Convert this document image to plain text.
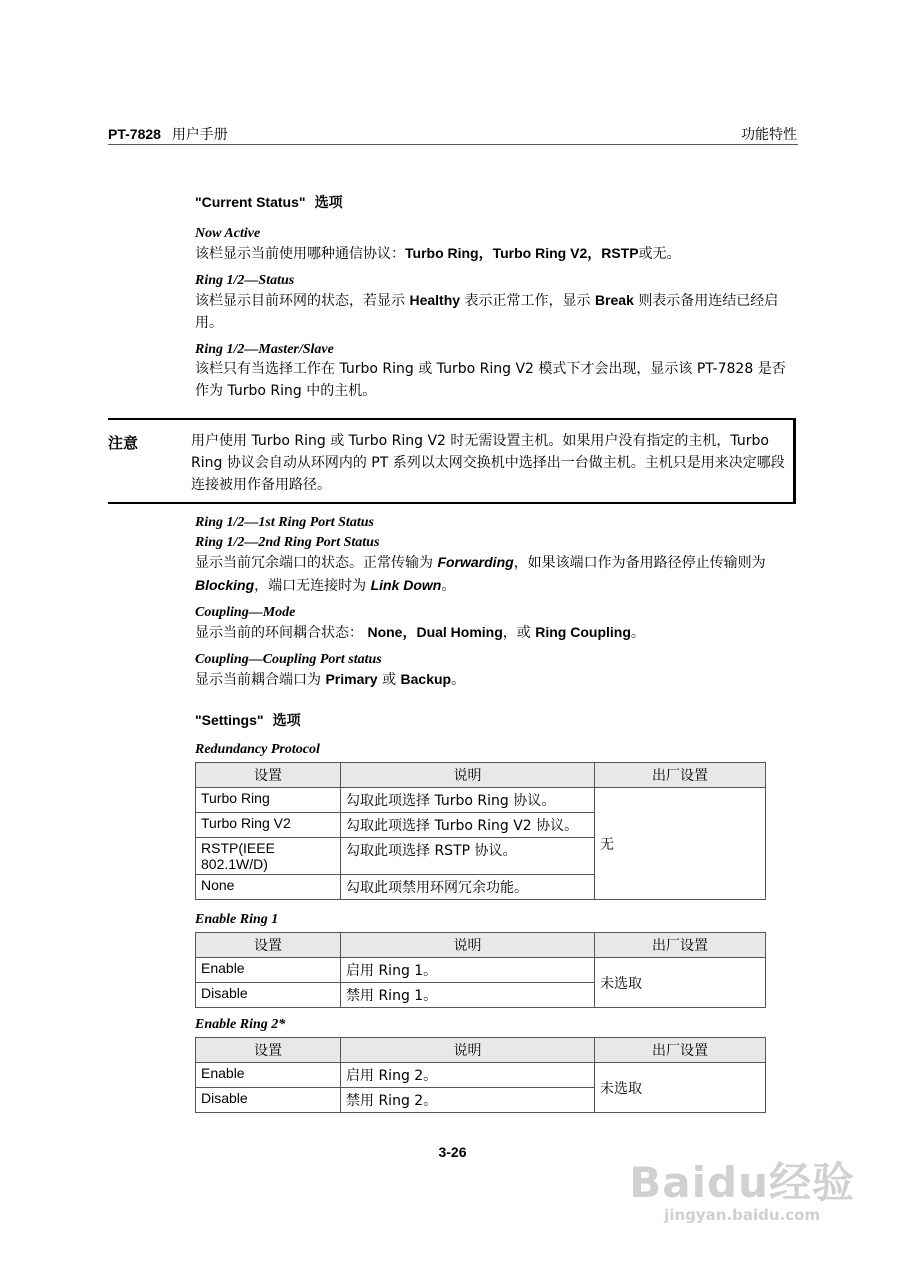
PT-7828 用户手册	功能特性
"Current Status" 选项
Now Active
该栏显示当前使用哪种通信协议：Turbo Ring，Turbo Ring V2，RSTP或无。
Ring 1/2—Status
该栏显示目前环网的状态，若显示 Healthy 表示正常工作，显示 Break 则表示备用连结已经启用。
Ring 1/2—Master/Slave
该栏只有当选择工作在 Turbo Ring 或 Turbo Ring V2 模式下才会出现，显示该 PT-7828 是否作为 Turbo Ring 中的主机。
注意	用户使用 Turbo Ring 或 Turbo Ring V2 时无需设置主机。如果用户没有指定的主机，Turbo Ring 协议会自动从环网内的 PT 系列以太网交换机中选择出一台做主机。主机只是用来决定哪段连接被用作备用路径。
Ring 1/2—1st Ring Port Status
Ring 1/2—2nd Ring Port Status
显示当前冗余端口的状态。正常传输为 Forwarding，如果该端口作为备用路径停止传输则为 Blocking，端口无连接时为 Link Down。
Coupling—Mode
显示当前的环间耦合状态： None，Dual Homing，或 Ring Coupling。
Coupling—Coupling Port status
显示当前耦合端口为 Primary 或 Backup。
"Settings" 选项
Redundancy Protocol
设置	说明	出厂设置
Turbo Ring	勾取此项选择 Turbo Ring 协议。	无
Turbo Ring V2	勾取此项选择 Turbo Ring V2 协议。	
RSTP(IEEE 802.1W/D)	勾取此项选择 RSTP 协议。	
None	勾取此项禁用环网冗余功能。	
Enable Ring 1
设置	说明	出厂设置
Enable	启用 Ring 1。	未选取
Disable	禁用 Ring 1。	
Enable Ring 2*
设置	说明	出厂设置
Enable	启用 Ring 2。	未选取
Disable	禁用 Ring 2。	
3-26
Baidu经验
jingyan.baidu.com
